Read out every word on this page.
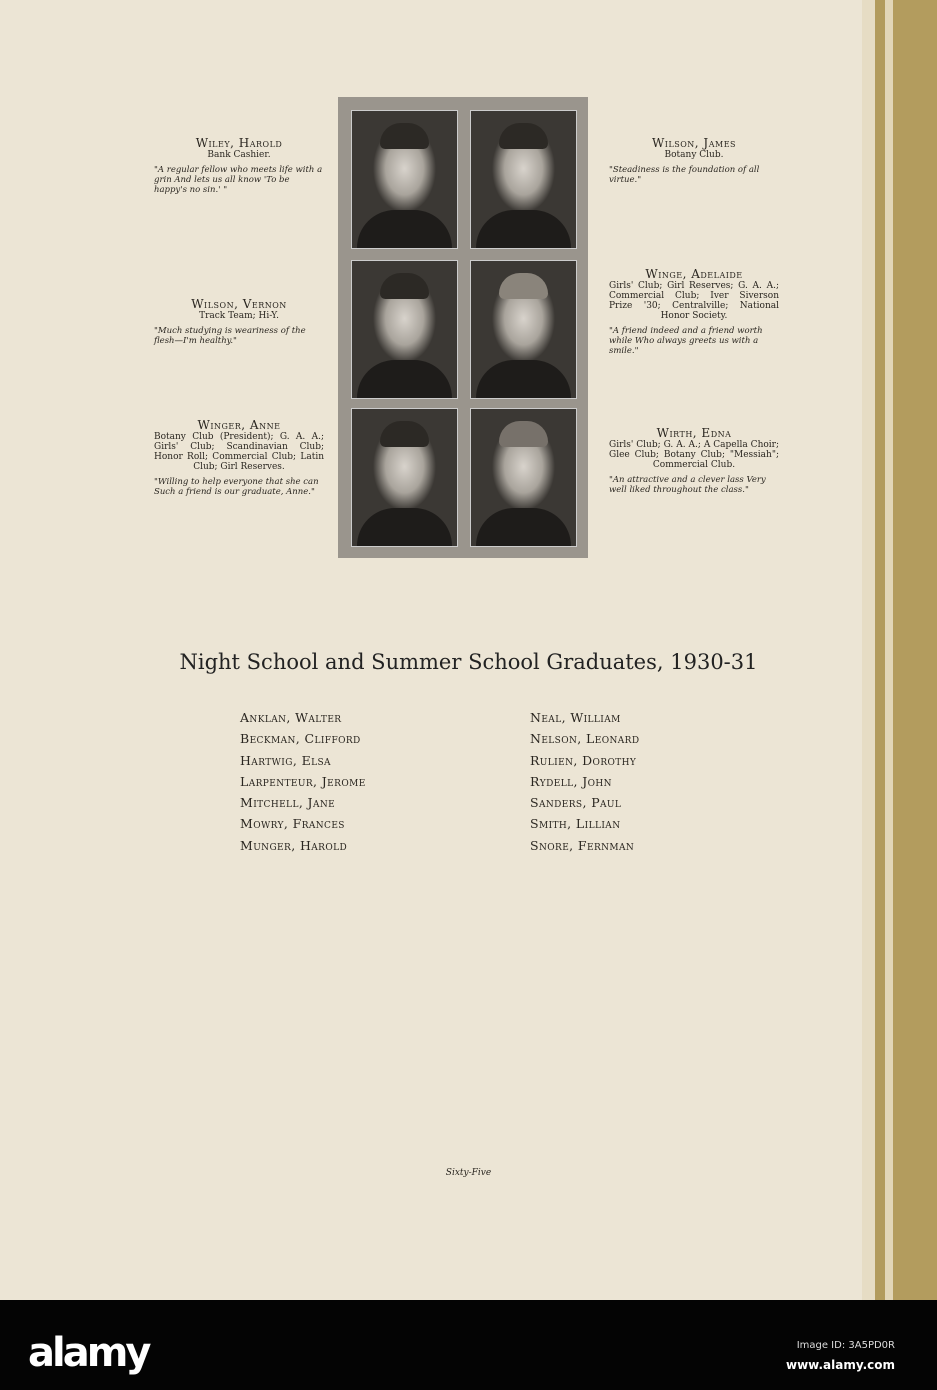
Wiley, Harold
Bank Cashier.
"A regular fellow who meets life with a grin And lets us all know 'To be happy's no sin.' "
Wilson, Vernon
Track Team; Hi-Y.
"Much studying is weariness of the flesh—I'm healthy."
Winger, Anne
Botany Club (President); G. A. A.; Girls' Club; Scandinavian Club; Honor Roll; Commercial Club; Latin Club; Girl Reserves.
"Willing to help everyone that she can Such a friend is our graduate, Anne."
Wilson, James
Botany Club.
"Steadiness is the foundation of all virtue."
Winge, Adelaide
Girls' Club; Girl Reserves; G. A. A.; Commercial Club; Iver Siverson Prize '30; Centralville; National Honor Society.
"A friend indeed and a friend worth while Who always greets us with a smile."
Wirth, Edna
Girls' Club; G. A. A.; A Capella Choir; Glee Club; Botany Club; "Messiah"; Commercial Club.
"An attractive and a clever lass Very well liked throughout the class."
Night School and Summer School Graduates, 1930-31
Anklan, Walter
Beckman, Clifford
Hartwig, Elsa
Larpenteur, Jerome
Mitchell, Jane
Mowry, Frances
Munger, Harold
Neal, William
Nelson, Leonard
Rulien, Dorothy
Rydell, John
Sanders, Paul
Smith, Lillian
Snore, Fernman
Sixty-Five
alamy	Image ID: 3A5PD0R
www.alamy.com
